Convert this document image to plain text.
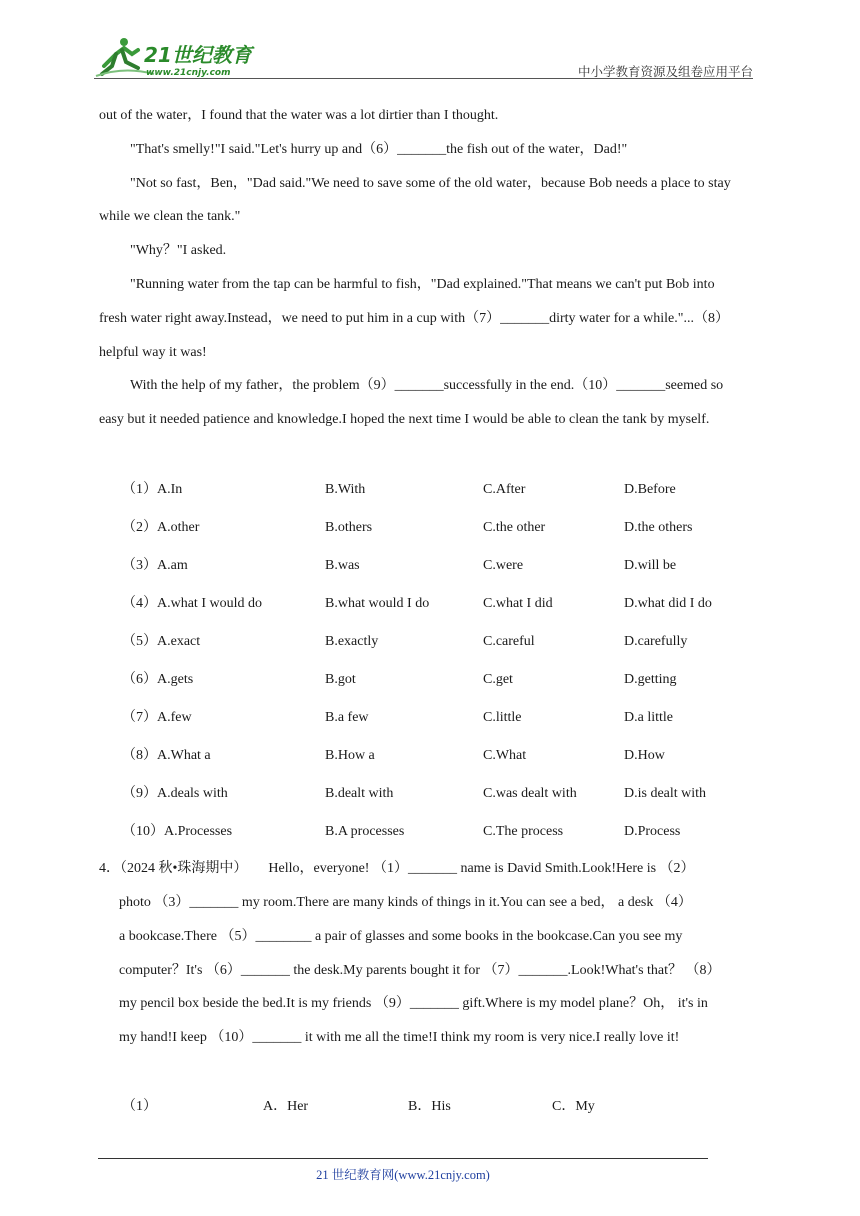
21世纪教育
www.21cnjy.com	中小学教育资源及组卷应用平台
out of the water，I found that the water was a lot dirtier than I thought.
"That's smelly!"I said."Let's hurry up and（6）_______the fish out of the water，Dad!"
"Not so fast，Ben，"Dad said."We need to save some of the old water，because Bob needs a place to stay
while we clean the tank."
"Why？"I asked.
"Running water from the tap can be harmful to fish，"Dad explained."That means we can't put Bob into
fresh water right away.Instead，we need to put him in a cup with（7）_______dirty water for a while."...（8）
helpful way it was!
With the help of my father，the problem（9）_______successfully in the end.（10）_______seemed so
easy but it needed patience and knowledge.I hoped the next time I would be able to clean the tank by myself.
（1）A.In	B.With	C.After	D.Before
（2）A.other	B.others	C.the other	D.the others
（3）A.am	B.was	C.were	D.will be
（4）A.what I would do	B.what would I do	C.what I did	D.what did I do
（5）A.exact	B.exactly	C.careful	D.carefully
（6）A.gets	B.got	C.get	D.getting
（7）A.few	B.a few	C.little	D.a little
（8）A.What a	B.How a	C.What	D.How
（9）A.deals with	B.dealt with	C.was dealt with	D.is dealt with
（10）A.Processes	B.A processes	C.The process	D.Process
4．（2024 秋•珠海期中）　　Hello，everyone! （1）_______ name is David Smith.Look!Here is （2）
photo （3）_______ my room.There are many kinds of things in it.You can see a bed， a desk （4）
a bookcase.There （5）________ a pair of glasses and some books in the bookcase.Can you see my
computer？It's （6）_______ the desk.My parents bought it for （7）_______.Look!What's that？ （8）
my pencil box beside the bed.It is my friends （9）_______ gift.Where is my model plane？Oh， it's in
my hand!I keep （10）_______ it with me all the time!I think my room is very nice.I really love it!
（1）	A．Her	B．His	C．My
21 世纪教育网(www.21cnjy.com)
